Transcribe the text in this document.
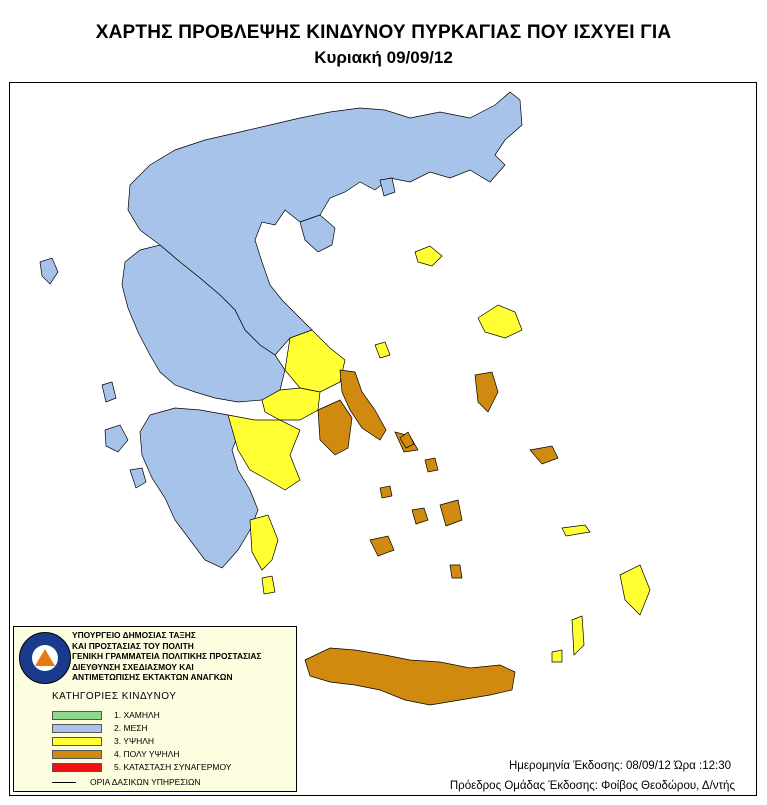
ΧΑΡΤΗΣ ΠΡΟΒΛΕΨΗΣ ΚΙΝΔΥΝΟΥ ΠΥΡΚΑΓΙΑΣ ΠΟΥ ΙΣΧΥΕΙ ΓΙΑ
Κυριακή 09/09/12
ΥΠΟΥΡΓΕΙΟ ΔΗΜΟΣΙΑΣ ΤΑΞΗΣ
ΚΑΙ ΠΡΟΣΤΑΣΙΑΣ ΤΟΥ ΠΟΛΙΤΗ
ΓΕΝΙΚΗ ΓΡΑΜΜΑΤΕΙΑ ΠΟΛΙΤΙΚΗΣ ΠΡΟΣΤΑΣΙΑΣ
ΔΙΕΥΘΥΝΣΗ ΣΧΕΔΙΑΣΜΟΥ ΚΑΙ
ΑΝΤΙΜΕΤΩΠΙΣΗΣ ΕΚΤΑΚΤΩΝ ΑΝΑΓΚΩΝ
ΚΑΤΗΓΟΡΙΕΣ ΚΙΝΔΥΝΟΥ
1. ΧΑΜΗΛΗ
2. ΜΕΣΗ
3. ΥΨΗΛΗ
4. ΠΟΛΥ ΥΨΗΛΗ
5. ΚΑΤΑΣΤΑΣΗ ΣΥΝΑΓΕΡΜΟΥ
ΟΡΙΑ ΔΑΣΙΚΩΝ ΥΠΗΡΕΣΙΩΝ
Ημερομηνία Έκδοσης: 08/09/12 Ώρα :12:30
Πρόεδρος Ομάδας Έκδοσης: Φοίβος Θεοδώρου, Δ/ντής
